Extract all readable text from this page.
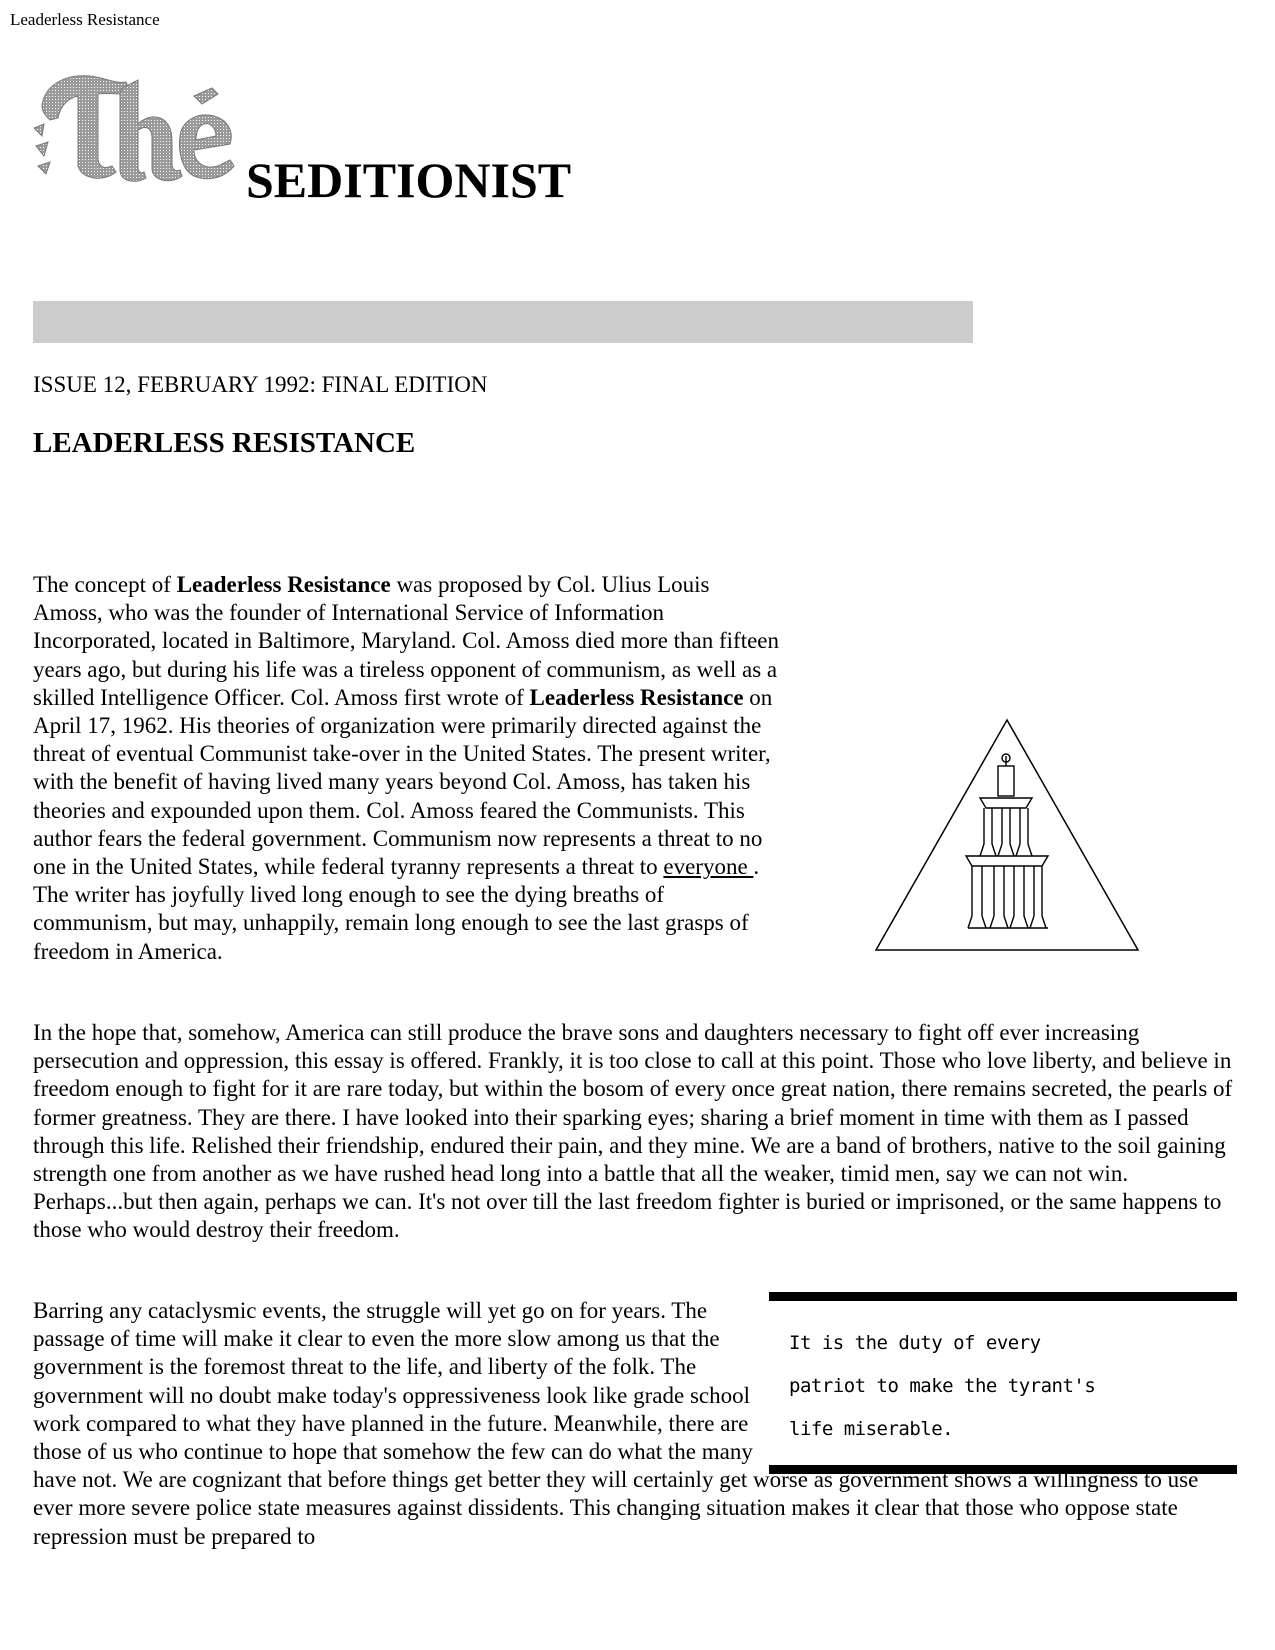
Leaderless Resistance
SEDITIONIST
ISSUE 12, FEBRUARY 1992: FINAL EDITION
LEADERLESS RESISTANCE

The concept of Leaderless Resistance was proposed by Col. Ulius Louis Amoss, who was the founder of International Service of Information Incorporated, located in Baltimore, Maryland. Col. Amoss died more than fifteen years ago, but during his life was a tireless opponent of communism, as well as a skilled Intelligence Officer. Col. Amoss first wrote of Leaderless Resistance on April 17, 1962. His theories of organization were primarily directed against the threat of eventual Communist take-over in the United States. The present writer, with the benefit of having lived many years beyond Col. Amoss, has taken his theories and expounded upon them. Col. Amoss feared the Communists. This author fears the federal government. Communism now represents a threat to no one in the United States, while federal tyranny represents a threat to everyone . The writer has joyfully lived long enough to see the dying breaths of communism, but may, unhappily, remain long enough to see the last grasps of freedom in America.

In the hope that, somehow, America can still produce the brave sons and daughters necessary to fight off ever increasing persecution and oppression, this essay is offered. Frankly, it is too close to call at this point. Those who love liberty, and believe in freedom enough to fight for it are rare today, but within the bosom of every once great nation, there remains secreted, the pearls of former greatness. They are there. I have looked into their sparking eyes; sharing a brief moment in time with them as I passed through this life. Relished their friendship, endured their pain, and they mine. We are a band of brothers, native to the soil gaining strength one from another as we have rushed head long into a battle that all the weaker, timid men, say we can not win. Perhaps...but then again, perhaps we can. It's not over till the last freedom fighter is buried or imprisoned, or the same happens to those who would destroy their freedom.

Barring any cataclysmic events, the struggle will yet go on for years. The passage of time will make it clear to even the more slow among us that the government is the foremost threat to the life, and liberty of the folk. The government will no doubt make today's oppressiveness look like grade school work compared to what they have planned in the future. Meanwhile, there are those of us who continue to hope that somehow the few can do what the many have not. We are cognizant that before things get better they will certainly get worse as government shows a willingness to use ever more severe police state measures against dissidents. This changing situation makes it clear that those who oppose state repression must be prepared to

It is the duty of every
patriot to make the tyrant's
life miserable.
